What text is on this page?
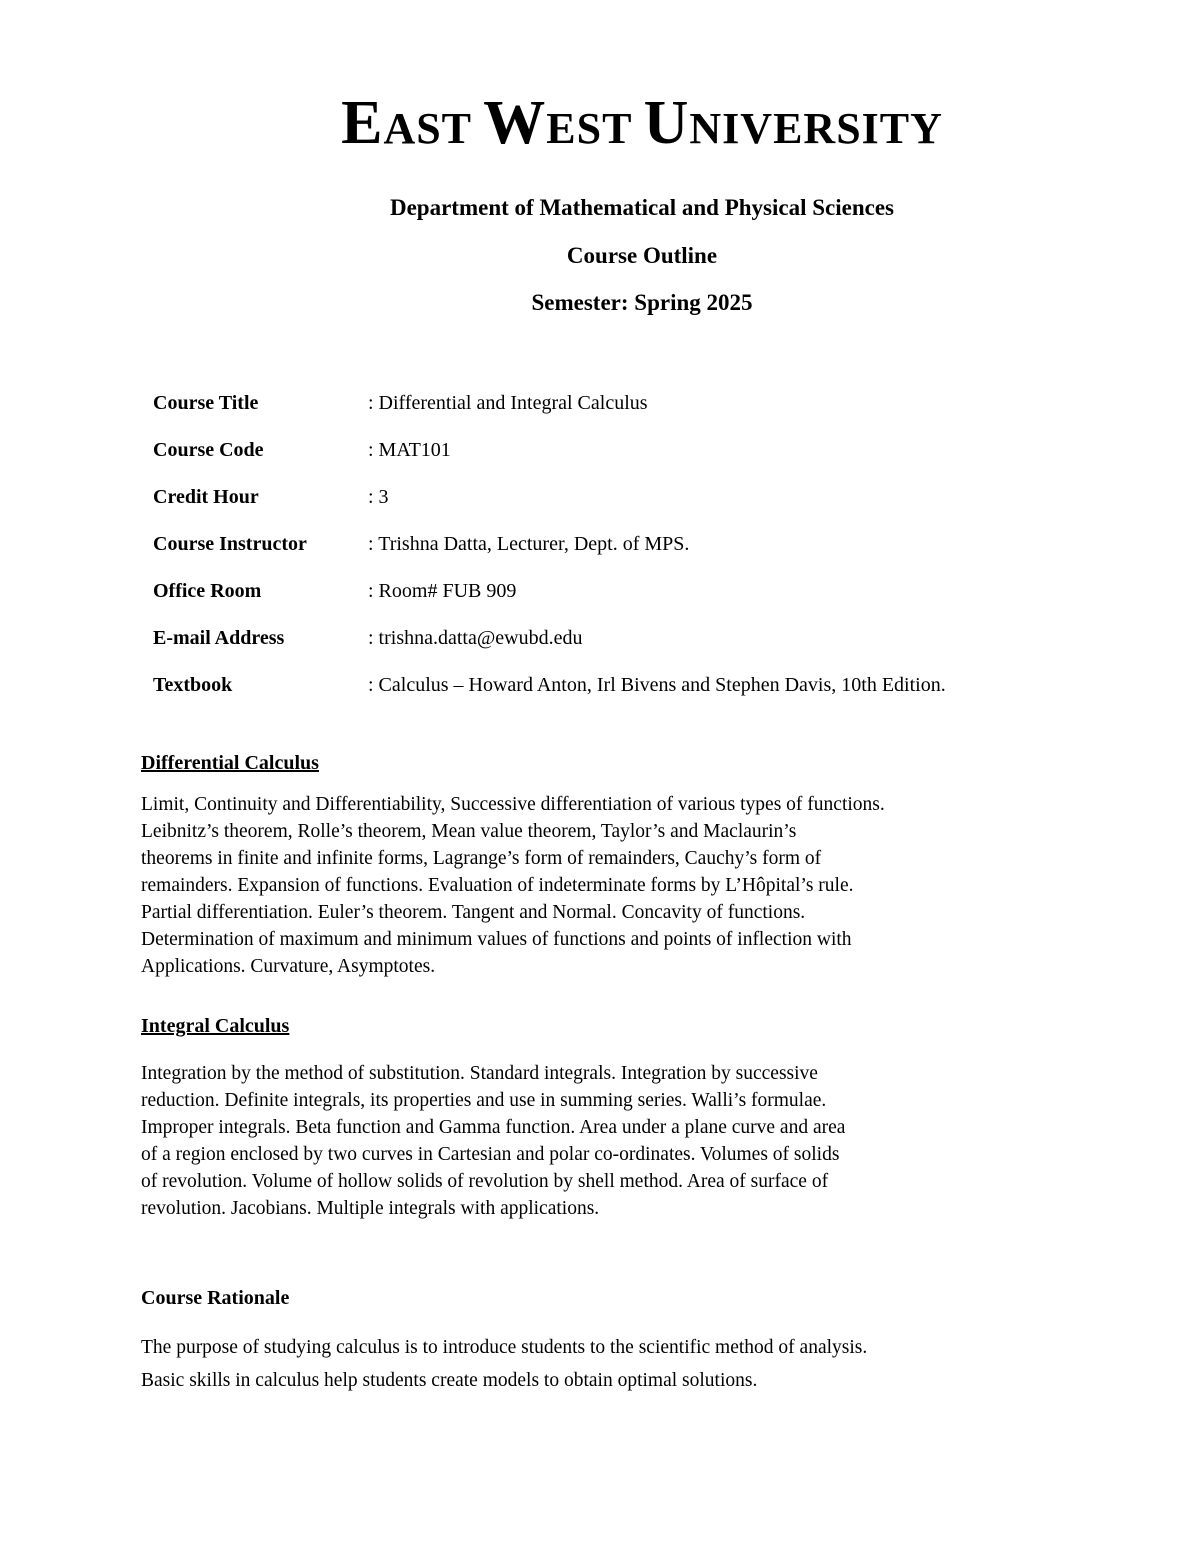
EAST WEST UNIVERSITY
Department of Mathematical and Physical Sciences
Course Outline
Semester: Spring 2025
Course Title	: Differential and Integral Calculus
Course Code	: MAT101
Credit Hour	: 3
Course Instructor	: Trishna Datta, Lecturer, Dept. of MPS.
Office Room	: Room# FUB 909
E-mail Address	: trishna.datta@ewubd.edu
Textbook	: Calculus – Howard Anton, Irl Bivens and Stephen Davis, 10th Edition.
Differential Calculus
Limit, Continuity and Differentiability, Successive differentiation of various types of functions.
Leibnitz’s theorem, Rolle’s theorem, Mean value theorem, Taylor’s and Maclaurin’s
theorems in finite and infinite forms, Lagrange’s form of remainders, Cauchy’s form of
remainders. Expansion of functions. Evaluation of indeterminate forms by L’Hôpital’s rule.
Partial differentiation. Euler’s theorem. Tangent and Normal. Concavity of functions.
Determination of maximum and minimum values of functions and points of inflection with
Applications. Curvature, Asymptotes.
Integral Calculus
Integration by the method of substitution. Standard integrals. Integration by successive
reduction. Definite integrals, its properties and use in summing series. Walli’s formulae.
Improper integrals. Beta function and Gamma function. Area under a plane curve and area
of a region enclosed by two curves in Cartesian and polar co-ordinates. Volumes of solids
of revolution. Volume of hollow solids of revolution by shell method. Area of surface of
revolution. Jacobians. Multiple integrals with applications.
Course Rationale
The purpose of studying calculus is to introduce students to the scientific method of analysis.
Basic skills in calculus help students create models to obtain optimal solutions.
